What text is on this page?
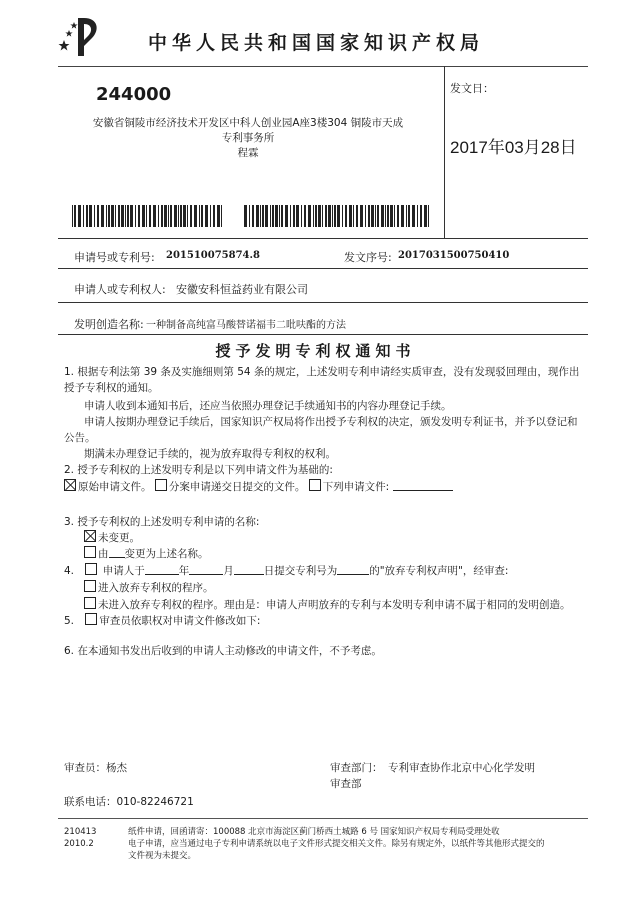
中华人民共和国国家知识产权局
244000
安徽省铜陵市经济技术开发区中科人创业园A座3楼304 铜陵市天成
专利事务所
程霖
发文日：
2017年03月28日
申请号或专利号: 201510075874.8	发文序号: 2017031500750410
申请人或专利权人: 安徽安科恒益药业有限公司
发明创造名称: 一种制备高纯富马酸替诺福韦二吡呋酯的方法
授予发明专利权通知书
1. 根据专利法第 39 条及实施细则第 54 条的规定，上述发明专利申请经实质审查，没有发现驳回理由，现作出授予专利权的通知。
申请人收到本通知书后，还应当依照办理登记手续通知书的内容办理登记手续。
申请人按期办理登记手续后，国家知识产权局将作出授予专利权的决定，颁发发明专利证书，并予以登记和公告。
期满未办理登记手续的，视为放弃取得专利权的权利。
2. 授予专利权的上述发明专利是以下列申请文件为基础的:
原始申请文件。 分案申请递交日提交的文件。 下列申请文件:
3. 授予专利权的上述发明专利申请的名称:
未变更。
由 变更为上述名称。
4.	申请人于	年	月	日提交专利号为	的"放弃专利权声明"，经审查:
进入放弃专利权的程序。
未进入放弃专利权的程序。理由是：申请人声明放弃的专利与本发明专利申请不属于相同的发明创造。
5. 审查员依职权对申请文件修改如下:
6. 在本通知书发出后收到的申请人主动修改的申请文件，不予考虑。
审查员：杨杰	审查部门： 专利审查协作北京中心化学发明
审查部
联系电话：010-82246721
210413
2010.2
纸件申请，回函请寄：100088 北京市海淀区蓟门桥西土城路 6 号 国家知识产权局专利局受理处收
电子申请，应当通过电子专利申请系统以电子文件形式提交相关文件。除另有规定外，以纸件等其他形式提交的
文件视为未提交。
